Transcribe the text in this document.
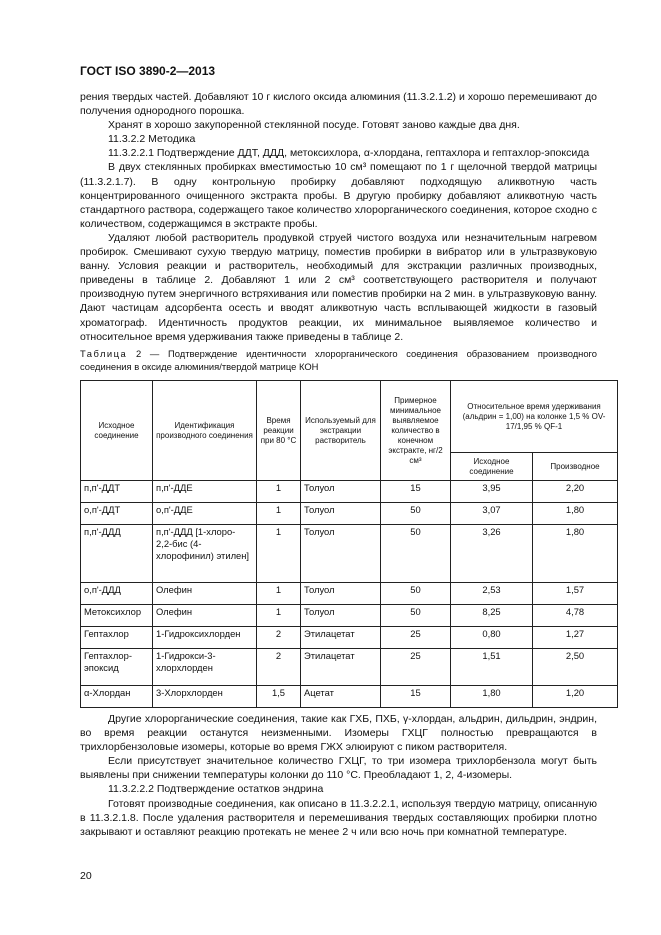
ГОСТ ISO 3890-2—2013

рения твердых частей. Добавляют 10 г кислого оксида алюминия (11.3.2.1.2) и хорошо перемешивают до получения однородного порошка.

Хранят в хорошо закупоренной стеклянной посуде. Готовят заново каждые два дня.

11.3.2.2 Методика

11.3.2.2.1 Подтверждение ДДТ, ДДД, метоксихлора, α-хлордана, гептахлора и гептахлор-эпоксида

В двух стеклянных пробирках вместимостью 10 см³ помещают по 1 г щелочной твердой матрицы (11.3.2.1.7). В одну контрольную пробирку добавляют подходящую аликвотную часть концентрированного очищенного экстракта пробы. В другую пробирку добавляют аликвотную часть стандартного раствора, содержащего такое количество хлорорганического соединения, которое сходно с количеством, содержащимся в экстракте пробы.

Удаляют любой растворитель продувкой струей чистого воздуха или незначительным нагревом пробирок. Смешивают сухую твердую матрицу, поместив пробирки в вибратор или в ультразвуковую ванну. Условия реакции и растворитель, необходимый для экстракции различных производных, приведены в таблице 2. Добавляют 1 или 2 см³ соответствующего растворителя и получают производную путем энергичного встряхивания или поместив пробирки на 2 мин. в ультразвуковую ванну. Дают частицам адсорбента осесть и вводят аликвотную часть всплывающей жидкости в газовый хроматограф. Идентичность продуктов реакции, их минимальное выявляемое количество и относительное время удерживания также приведены в таблице 2.

Таблица 2 — Подтверждение идентичности хлорорганического соединения образованием производного соединения в оксиде алюминия/твердой матрице КОН
Исходное соединение	Идентификация производного соединения	Время реакции при 80 °С	Используемый для экстракции растворитель	Примерное минимальное выявляемое количество в конечном экстракте, нг/2 см³	Относительное время удерживания (альдрин = 1,00) на колонке 1,5 % OV-17/1,95 % QF-1	
					Исходное соединение	Производное
п,п'-ДДТ	п,п'-ДДЕ	1	Толуол	15	3,95	2,20
о,п'-ДДТ	о,п'-ДДЕ	1	Толуол	50	3,07	1,80
п,п'-ДДД	п,п'-ДДД [1-хлоро- 2,2-бис (4-хлорофинил) этилен]	1	Толуол	50	3,26	1,80
о,п'-ДДД	Олефин	1	Толуол	50	2,53	1,57
Метоксихлор	Олефин	1	Толуол	50	8,25	4,78
Гептахлор	1-Гидроксихлорден	2	Этилацетат	25	0,80	1,27
Гептахлор-эпоксид	1-Гидрокси-3-хлорхлорден	2	Этилацетат	25	1,51	2,50
α-Хлордан	3-Хлорхлорден	1,5	Ацетат	15	1,80	1,20

Другие хлорорганические соединения, такие как ГХБ, ПХБ, γ-хлордан, альдрин, дильдрин, эндрин, во время реакции останутся неизменными. Изомеры ГХЦГ полностью превращаются в трихлорбензоловые изомеры, которые во время ГЖХ элюируют с пиком растворителя.

Если присутствует значительное количество ГХЦГ, то три изомера трихлорбензола могут быть выявлены при снижении температуры колонки до 110 °С. Преобладают 1, 2, 4-изомеры.

11.3.2.2.2 Подтверждение остатков эндрина

Готовят производные соединения, как описано в 11.3.2.2.1, используя твердую матрицу, описанную в 11.3.2.1.8. После удаления растворителя и перемешивания твердых составляющих пробирки плотно закрывают и оставляют реакцию протекать не менее 2 ч или всю ночь при комнатной температуре.

20
